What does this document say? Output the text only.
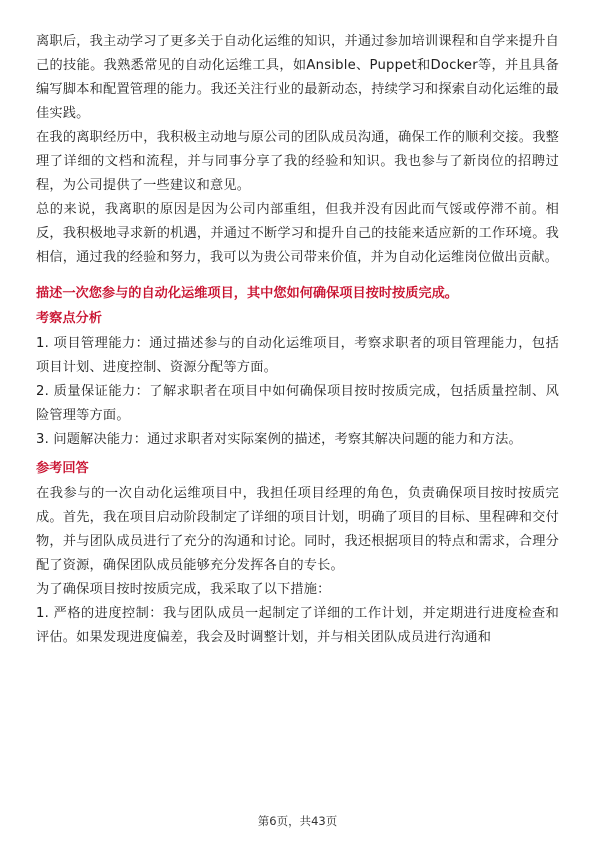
离职后，我主动学习了更多关于自动化运维的知识，并通过参加培训课程和自学来提升自己的技能。我熟悉常见的自动化运维工具，如Ansible、Puppet和Docker等，并且具备编写脚本和配置管理的能力。我还关注行业的最新动态，持续学习和探索自动化运维的最佳实践。

在我的离职经历中，我积极主动地与原公司的团队成员沟通，确保工作的顺利交接。我整理了详细的文档和流程，并与同事分享了我的经验和知识。我也参与了新岗位的招聘过程，为公司提供了一些建议和意见。

总的来说，我离职的原因是因为公司内部重组，但我并没有因此而气馁或停滞不前。相反，我积极地寻求新的机遇，并通过不断学习和提升自己的技能来适应新的工作环境。我相信，通过我的经验和努力，我可以为贵公司带来价值，并为自动化运维岗位做出贡献。

描述一次您参与的自动化运维项目，其中您如何确保项目按时按质完成。
考察点分析

1. 项目管理能力：通过描述参与的自动化运维项目，考察求职者的项目管理能力，包括项目计划、进度控制、资源分配等方面。

2. 质量保证能力：了解求职者在项目中如何确保项目按时按质完成，包括质量控制、风险管理等方面。

3. 问题解决能力：通过求职者对实际案例的描述，考察其解决问题的能力和方法。

参考回答

在我参与的一次自动化运维项目中，我担任项目经理的角色，负责确保项目按时按质完成。首先，我在项目启动阶段制定了详细的项目计划，明确了项目的目标、里程碑和交付物，并与团队成员进行了充分的沟通和讨论。同时，我还根据项目的特点和需求，合理分配了资源，确保团队成员能够充分发挥各自的专长。

为了确保项目按时按质完成，我采取了以下措施：

1. 严格的进度控制：我与团队成员一起制定了详细的工作计划，并定期进行进度检查和评估。如果发现进度偏差，我会及时调整计划，并与相关团队成员进行沟通和

第6页，共43页
